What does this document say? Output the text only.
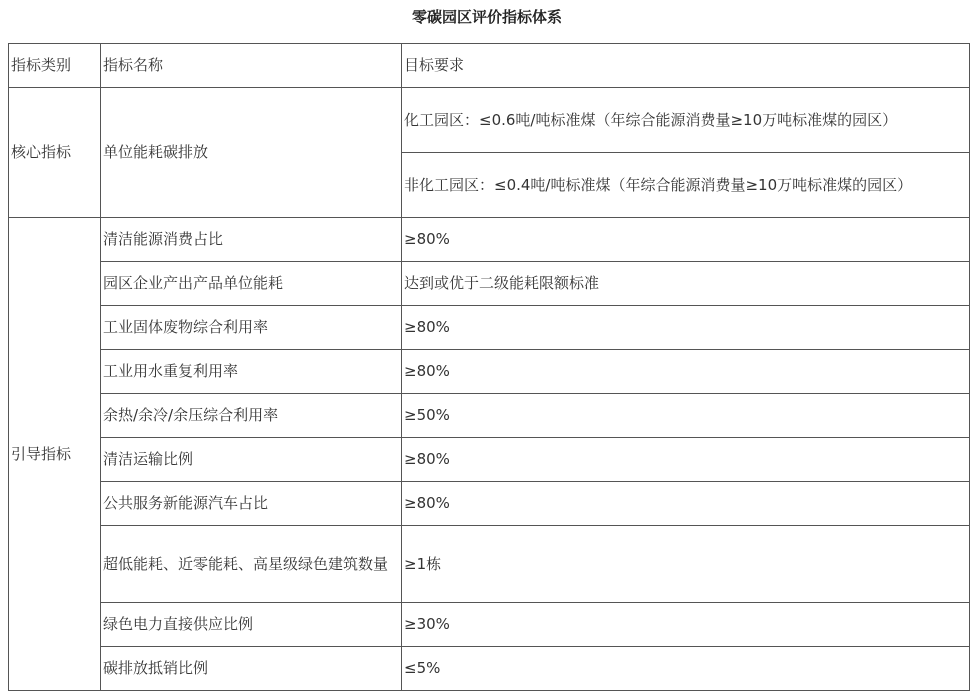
零碳园区评价指标体系
指标类别	指标名称	目标要求
核心指标	单位能耗碳排放	化工园区：≤0.6吨/吨标准煤（年综合能源消费量≥10万吨标准煤的园区）
		非化工园区：≤0.4吨/吨标准煤（年综合能源消费量≥10万吨标准煤的园区）
引导指标	清洁能源消费占比	≥80%
	园区企业产出产品单位能耗	达到或优于二级能耗限额标准
	工业固体废物综合利用率	≥80%
	工业用水重复利用率	≥80%
	余热/余冷/余压综合利用率	≥50%
	清洁运输比例	≥80%
	公共服务新能源汽车占比	≥80%
	超低能耗、近零能耗、高星级绿色建筑数量	≥1栋
	绿色电力直接供应比例	≥30%
	碳排放抵销比例	≤5%
